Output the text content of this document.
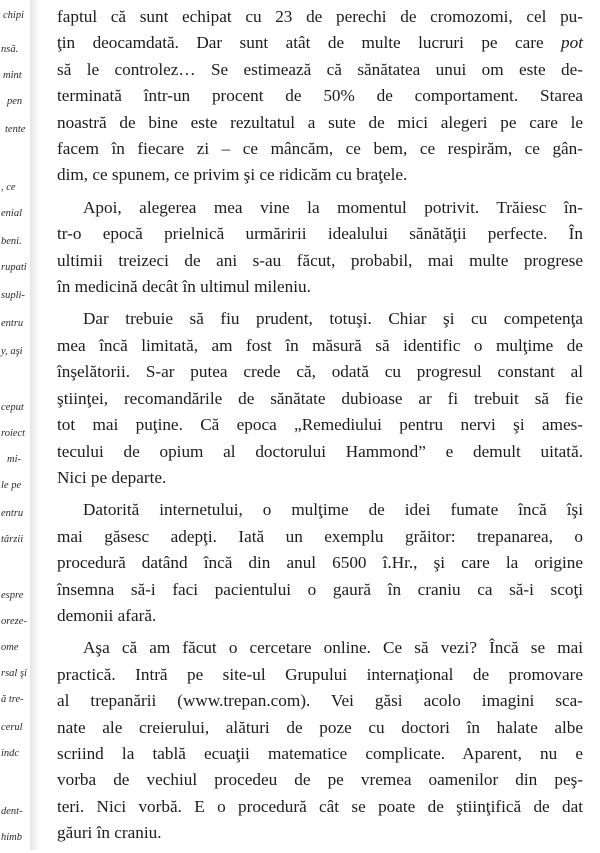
chipi
nsă.
mint
pen
tente
, ce
enial
beni.
rupati
supli-
entru
y, aşi
ceput
roiect
mi-
le pe
entru
târzii
espre
oreze-
ome
rsal şi
ă tre-
cerul
indc
dent-
himb

faptul că sunt echipat cu 23 de perechi de cromozomi, cel pu-
ţin deocamdată. Dar sunt atât de multe lucruri pe care pot
să le controlez… Se estimează că sănătatea unui om este de-
terminată într-un procent de 50% de comportament. Starea
noastră de bine este rezultatul a sute de mici alegeri pe care le
facem în fiecare zi – ce mâncăm, ce bem, ce respirăm, ce gân-
dim, ce spunem, ce privim şi ce ridicăm cu braţele.

Apoi, alegerea mea vine la momentul potrivit. Trăiesc în-
tr-o epocă prielnică urmăririi idealului sănătăţii perfecte. În
ultimii treizeci de ani s-au făcut, probabil, mai multe progrese
în medicină decât în ultimul mileniu.

Dar trebuie să fiu prudent, totuşi. Chiar şi cu competenţa
mea încă limitată, am fost în măsură să identific o mulţime de
înşelătorii. S-ar putea crede că, odată cu progresul constant al
ştiinţei, recomandările de sănătate dubioase ar fi trebuit să fie
tot mai puţine. Că epoca „Remediului pentru nervi şi ames-
tecului de opium al doctorului Hammond” e demult uitată.
Nici pe departe.

Datorită internetului, o mulţime de idei fumate încă îşi
mai găsesc adepţi. Iată un exemplu grăitor: trepanarea, o
procedură datând încă din anul 6500 î.Hr., şi care la origine
însemna să-i faci pacientului o gaură în craniu ca să-i scoţi
demonii afară.

Aşa că am făcut o cercetare online. Ce să vezi? Încă se mai
practică. Intră pe site-ul Grupului internaţional de promovare
al trepanării (www.trepan.com). Vei găsi acolo imagini sca-
nate ale creierului, alături de poze cu doctori în halate albe
scriind la tablă ecuaţii matematice complicate. Aparent, nu e
vorba de vechiul procedeu de pe vremea oamenilor din peş-
teri. Nici vorbă. E o procedură cât se poate de ştiinţifică de dat
găuri în craniu.
